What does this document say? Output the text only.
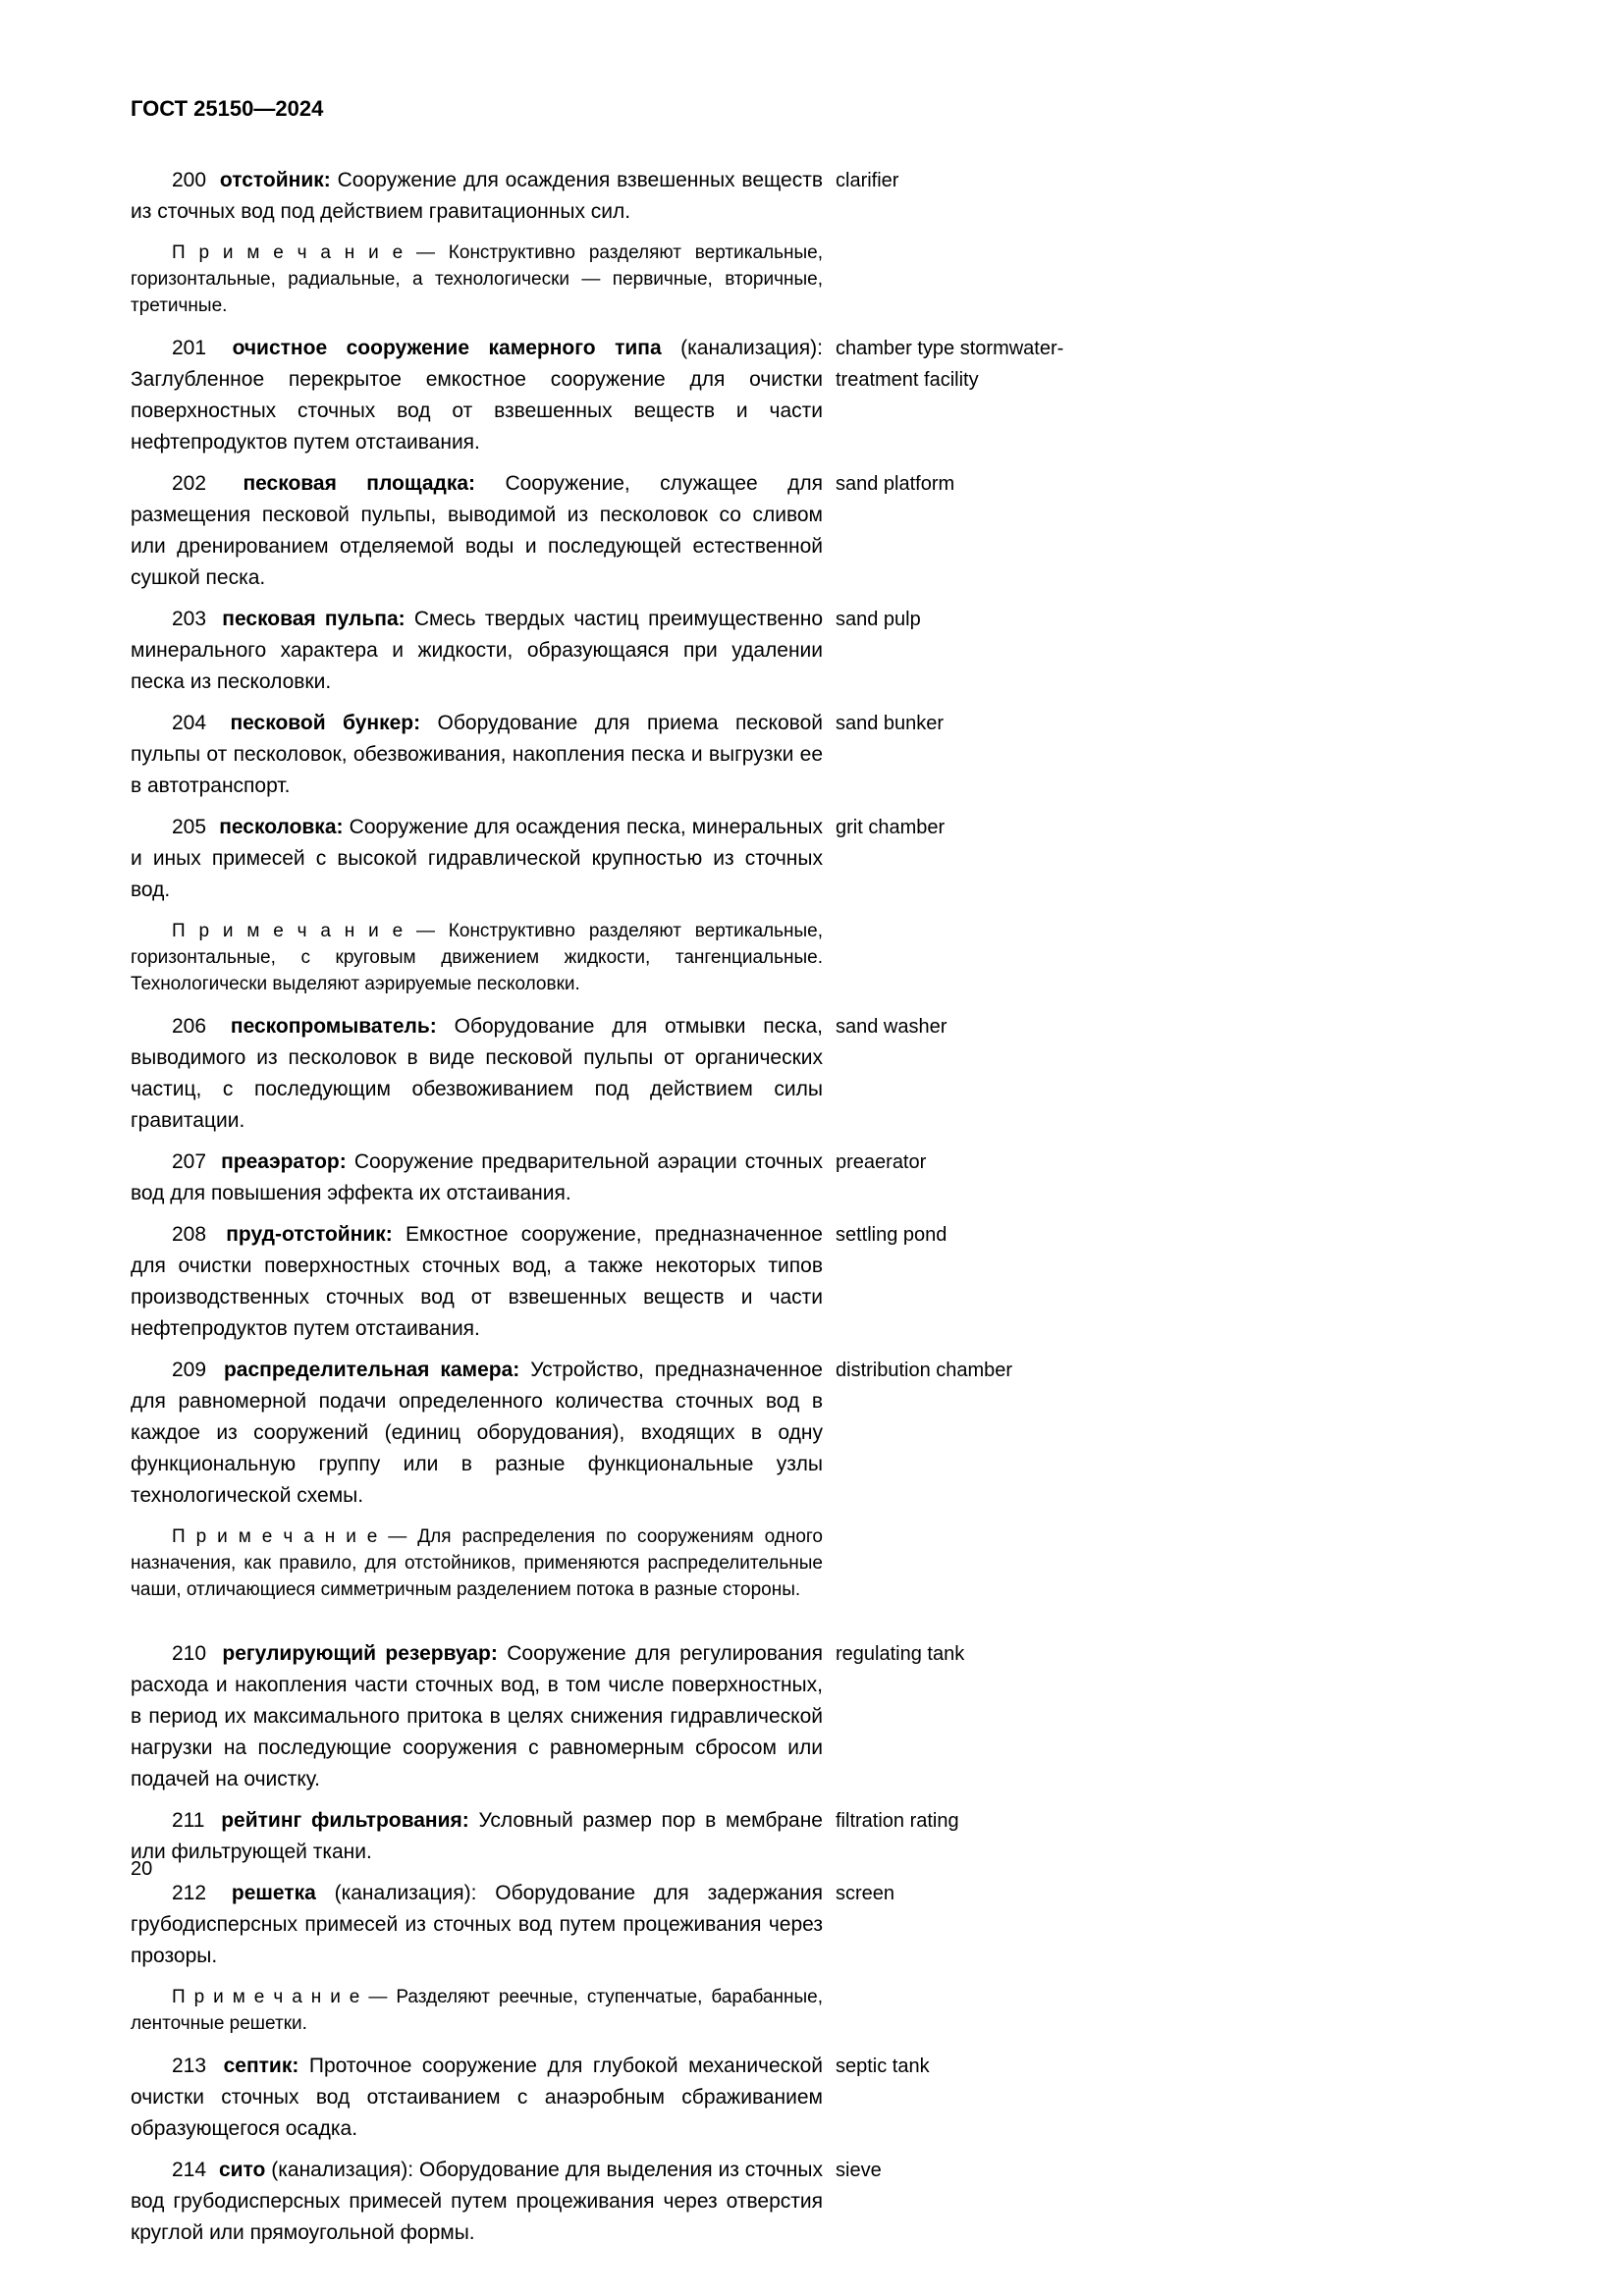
ГОСТ 25150—2024

200 отстойник: Сооружение для осаждения взвешенных веществ из сточных вод под действием гравитационных сил.

П р и м е ч а н и е — Конструктивно разделяют вертикальные, горизонтальные, радиальные, а технологически — первичные, вторичные, третичные.

clarifier

201 очистное сооружение камерного типа (канализация): Заглубленное перекрытое емкостное сооружение для очистки поверхностных сточных вод от взвешенных веществ и части нефтепродуктов путем отстаивания.

chamber type stormwater-treatment facility

202 песковая площадка: Сооружение, служащее для размещения песковой пульпы, выводимой из песколовок со сливом или дренированием отделяемой воды и последующей естественной сушкой песка.

sand platform

203 песковая пульпа: Смесь твердых частиц преимущественно минерального характера и жидкости, образующаяся при удалении песка из песколовки.

sand pulp

204 песковой бункер: Оборудование для приема песковой пульпы от песколовок, обезвоживания, накопления песка и выгрузки ее в автотранспорт.

sand bunker

205 песколовка: Сооружение для осаждения песка, минеральных и иных примесей с высокой гидравлической крупностью из сточных вод.

П р и м е ч а н и е — Конструктивно разделяют вертикальные, горизонтальные, с круговым движением жидкости, тангенциальные. Технологически выделяют аэрируемые песколовки.

grit chamber

206 пескопромыватель: Оборудование для отмывки песка, выводимого из песколовок в виде песковой пульпы от органических частиц, с последующим обезвоживанием под действием силы гравитации.

sand washer

207 преаэратор: Сооружение предварительной аэрации сточных вод для повышения эффекта их отстаивания.

preaerator

208 пруд-отстойник: Емкостное сооружение, предназначенное для очистки поверхностных сточных вод, а также некоторых типов производственных сточных вод от взвешенных веществ и части нефтепродуктов путем отстаивания.

settling pond

209 распределительная камера: Устройство, предназначенное для равномерной подачи определенного количества сточных вод в каждое из сооружений (единиц оборудования), входящих в одну функциональную группу или в разные функциональные узлы технологической схемы.

П р и м е ч а н и е — Для распределения по сооружениям одного назначения, как правило, для отстойников, применяются распределительные чаши, отличающиеся симметричным разделением потока в разные стороны.

distribution chamber

210 регулирующий резервуар: Сооружение для регулирования расхода и накопления части сточных вод, в том числе поверхностных, в период их максимального притока в целях снижения гидравлической нагрузки на последующие сооружения с равномерным сбросом или подачей на очистку.

regulating tank

211 рейтинг фильтрования: Условный размер пор в мембране или фильтрующей ткани.

filtration rating

212 решетка (канализация): Оборудование для задержания грубодисперсных примесей из сточных вод путем процеживания через прозоры.

П р и м е ч а н и е — Разделяют реечные, ступенчатые, барабанные, ленточные решетки.

screen

213 септик: Проточное сооружение для глубокой механической очистки сточных вод отстаиванием с анаэробным сбраживанием образующегося осадка.

septic tank

214 сито (канализация): Оборудование для выделения из сточных вод грубодисперсных примесей путем процеживания через отверстия круглой или прямоугольной формы.

sieve
20
